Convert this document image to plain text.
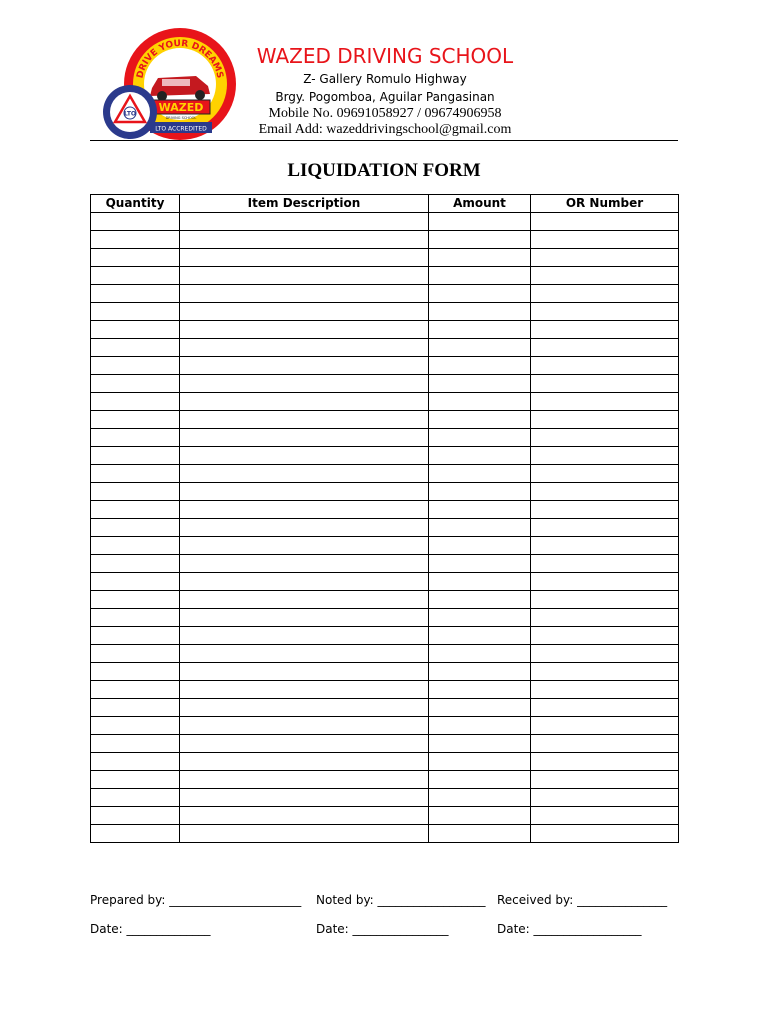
DRIVE YOUR DREAMS
WAZED
DRIVING SCHOOL
LTO ACCREDITED
LTO
WAZED DRIVING SCHOOL
Z- Gallery Romulo Highway
Brgy. Pogomboa, Aguilar Pangasinan
Mobile No. 09691058927 / 09674906958
Email Add: wazeddrivingschool@gmail.com
LIQUIDATION FORM
Quantity	Item Description	Amount	OR Number

Prepared by: ______________________ Noted by: __________________ Received by: _______________
Date: ______________	Date: ________________	Date: __________________
